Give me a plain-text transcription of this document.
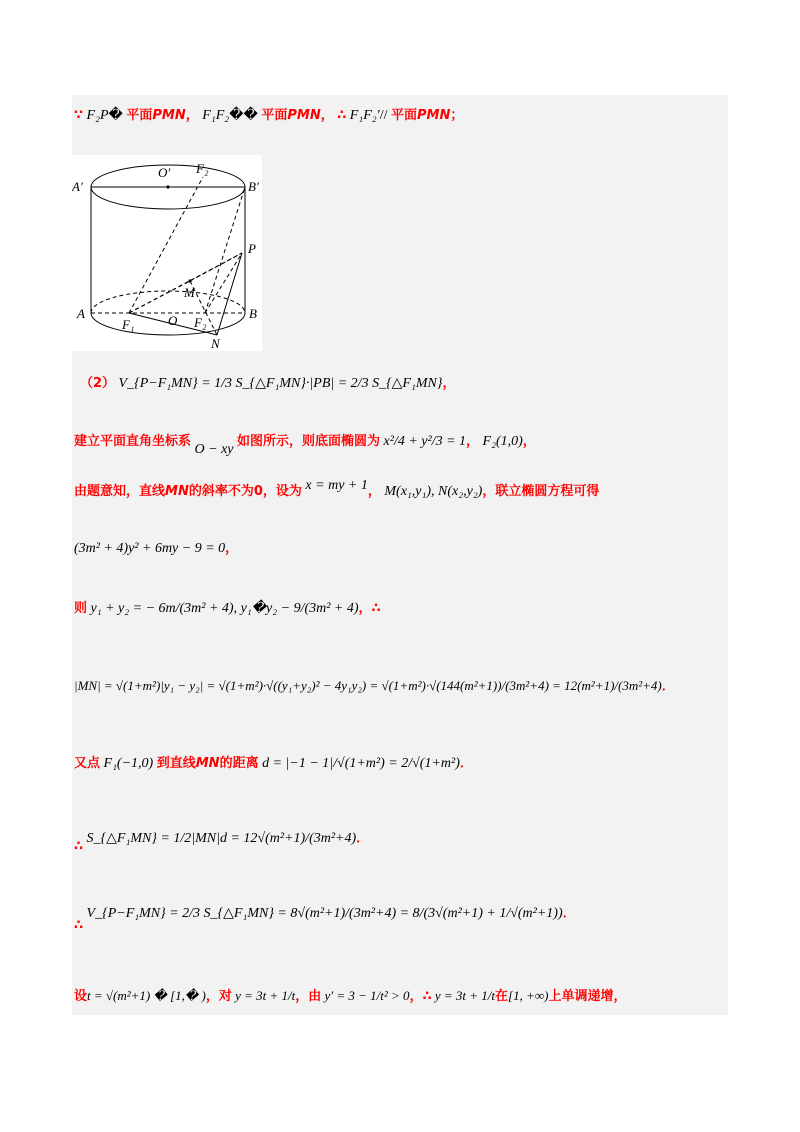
∵ F₂P� 平面PMN， F₁F₂�� 平面PMN， ∴ F₁F₂′// 平面PMN；
A′
O′ F₂
B′
P
M
A
F₁	O F₂
B
N
（2） V_{P−F₁MN} = 1/3 S_{△F₁MN}·|PB| = 2/3 S_{△F₁MN}，
建立平面直角坐标系 O − xy 如图所示，则底面椭圆为 x²/4 + y²/3 = 1， F₂(1,0)，
由题意知，直线MN的斜率不为0，设为 x = my + 1， M(x₁,y₁), N(x₂,y₂)，联立椭圆方程可得
(3m² + 4)y² + 6my − 9 = 0，
则 y₁ + y₂ = − 6m/(3m² + 4), y₁�y₂ − 9/(3m² + 4)，∴
|MN| = √(1+m²)|y₁ − y₂| = √(1+m²)·√((y₁+y₂)² − 4y₁y₂) = √(1+m²)·√(144(m²+1))/(3m²+4) = 12(m²+1)/(3m²+4)．
又点 F₁(−1,0) 到直线MN的距离 d = |−1 − 1|/√(1+m²) = 2/√(1+m²)．
∴ S_{△F₁MN} = 1/2|MN|d = 12√(m²+1)/(3m²+4)．
∴ V_{P−F₁MN} = 2/3 S_{△F₁MN} = 8√(m²+1)/(3m²+4) = 8/(3√(m²+1) + 1/√(m²+1))．
设t = √(m²+1) � [1,� )，对 y = 3t + 1/t，由 y′ = 3 − 1/t² > 0，∴ y = 3t + 1/t在[1, +∞)上单调递增，
